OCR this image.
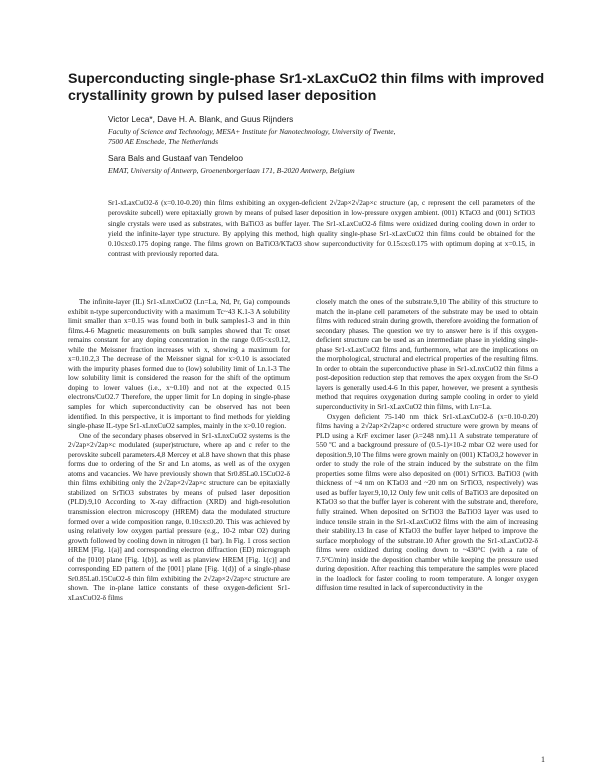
Superconducting single-phase Sr1-xLaxCuO2 thin films with improved crystallinity grown by pulsed laser deposition
Victor Leca*, Dave H. A. Blank, and Guus Rijnders
Faculty of Science and Technology, MESA+ Institute for Nanotechnology, University of Twente,
7500 AE Enschede, The Netherlands
Sara Bals and Gustaaf van Tendeloo
EMAT, University of Antwerp, Groenenborgerlaan 171, B-2020 Antwerp, Belgium

Sr1-xLaxCuO2-δ (x=0.10-0.20) thin films exhibiting an oxygen-deficient 2√2ap×2√2ap×c structure (ap, c represent the cell parameters of the perovskite subcell) were epitaxially grown by means of pulsed laser deposition in low-pressure oxygen ambient. (001) KTaO3 and (001) SrTiO3 single crystals were used as substrates, with BaTiO3 as buffer layer. The Sr1-xLaxCuO2-δ films were oxidized during cooling down in order to yield the infinite-layer type structure. By applying this method, high quality single-phase Sr1-xLaxCuO2 thin films could be obtained for the 0.10≤x≤0.175 doping range. The films grown on BaTiO3/KTaO3 show superconductivity for 0.15≤x≤0.175 with optimum doping at x=0.15, in contrast with previously reported data.

The infinite-layer (IL) Sr1-xLnxCuO2 (Ln=La, Nd, Pr, Ga) compounds exhibit n-type superconductivity with a maximum Tc~43 K.1-3 A solubility limit smaller than x=0.15 was found both in bulk samples1-3 and in thin films.4-6 Magnetic measurements on bulk samples showed that Tc onset remains constant for any doping concentration in the range 0.05<x≤0.12, while the Meissner fraction increases with x, showing a maximum for x=0.10.2,3 The decrease of the Meissner signal for x>0.10 is associated with the impurity phases formed due to (low) solubility limit of Ln.1-3 The low solubility limit is considered the reason for the shift of the optimum doping to lower values (i.e., x~0.10) and not at the expected 0.15 electrons/CuO2.7 Therefore, the upper limit for Ln doping in single-phase samples for which superconductivity can be observed has not been identified. In this perspective, it is important to find methods for yielding single-phase IL-type Sr1-xLnxCuO2 samples, mainly in the x>0.10 region.

One of the secondary phases observed in Sr1-xLnxCuO2 systems is the 2√2ap×2√2ap×c modulated (super)structure, where ap and c refer to the perovskite subcell parameters.4,8 Mercey et al.8 have shown that this phase forms due to ordering of the Sr and Ln atoms, as well as of the oxygen atoms and vacancies. We have previously shown that Sr0.85La0.15CuO2-δ thin films exhibiting only the 2√2ap×2√2ap×c structure can be epitaxially stabilized on SrTiO3 substrates by means of pulsed laser deposition (PLD).9,10 According to X-ray diffraction (XRD) and high-resolution transmission electron microscopy (HREM) data the modulated structure formed over a wide composition range, 0.10≤x≤0.20. This was achieved by using relatively low oxygen partial pressure (e.g., 10-2 mbar O2) during growth followed by cooling down in nitrogen (1 bar). In Fig. 1 cross section HREM [Fig. 1(a)] and corresponding electron diffraction (ED) micrograph of the [010] plane [Fig. 1(b)], as well as planview HREM [Fig. 1(c)] and corresponding ED pattern of the [001] plane [Fig. 1(d)] of a single-phase Sr0.85La0.15CuO2-δ thin film exhibiting the 2√2ap×2√2ap×c structure are shown. The in-plane lattice constants of these oxygen-deficient Sr1-xLaxCuO2-δ films

closely match the ones of the substrate.9,10 The ability of this structure to match the in-plane cell parameters of the substrate may be used to obtain films with reduced strain during growth, therefore avoiding the formation of secondary phases. The question we try to answer here is if this oxygen-deficient structure can be used as an intermediate phase in yielding single-phase Sr1-xLaxCuO2 films and, furthermore, what are the implications on the morphological, structural and electrical properties of the resulting films. In order to obtain the superconductive phase in Sr1-xLnxCuO2 thin films a post-deposition reduction step that removes the apex oxygen from the Sr-O layers is generally used.4-6 In this paper, however, we present a synthesis method that requires oxygenation during sample cooling in order to yield superconductivity in Sr1-xLaxCuO2 thin films, with Ln=La.

Oxygen deficient 75-140 nm thick Sr1-xLaxCuO2-δ (x=0.10-0.20) films having a 2√2ap×2√2ap×c ordered structure were grown by means of PLD using a KrF excimer laser (λ=248 nm).11 A substrate temperature of 550 ºC and a background pressure of (0.5-1)×10-2 mbar O2 were used for deposition.9,10 The films were grown mainly on (001) KTaO3,2 however in order to study the role of the strain induced by the substrate on the film properties some films were also deposited on (001) SrTiO3. BaTiO3 (with thickness of ~4 nm on KTaO3 and ~20 nm on SrTiO3, respectively) was used as buffer layer.9,10,12 Only few unit cells of BaTiO3 are deposited on KTaO3 so that the buffer layer is coherent with the substrate and, therefore, fully strained. When deposited on SrTiO3 the BaTiO3 layer was used to induce tensile strain in the Sr1-xLaxCuO2 films with the aim of increasing their stability.13 In case of KTaO3 the buffer layer helped to improve the surface morphology of the substrate.10 After growth the Sr1-xLaxCuO2-δ films were oxidized during cooling down to ~430°C (with a rate of 7.5°C/min) inside the deposition chamber while keeping the pressure used during deposition. After reaching this temperature the samples were placed in the loadlock for faster cooling to room temperature. A longer oxygen diffusion time resulted in lack of superconductivity in the

1
